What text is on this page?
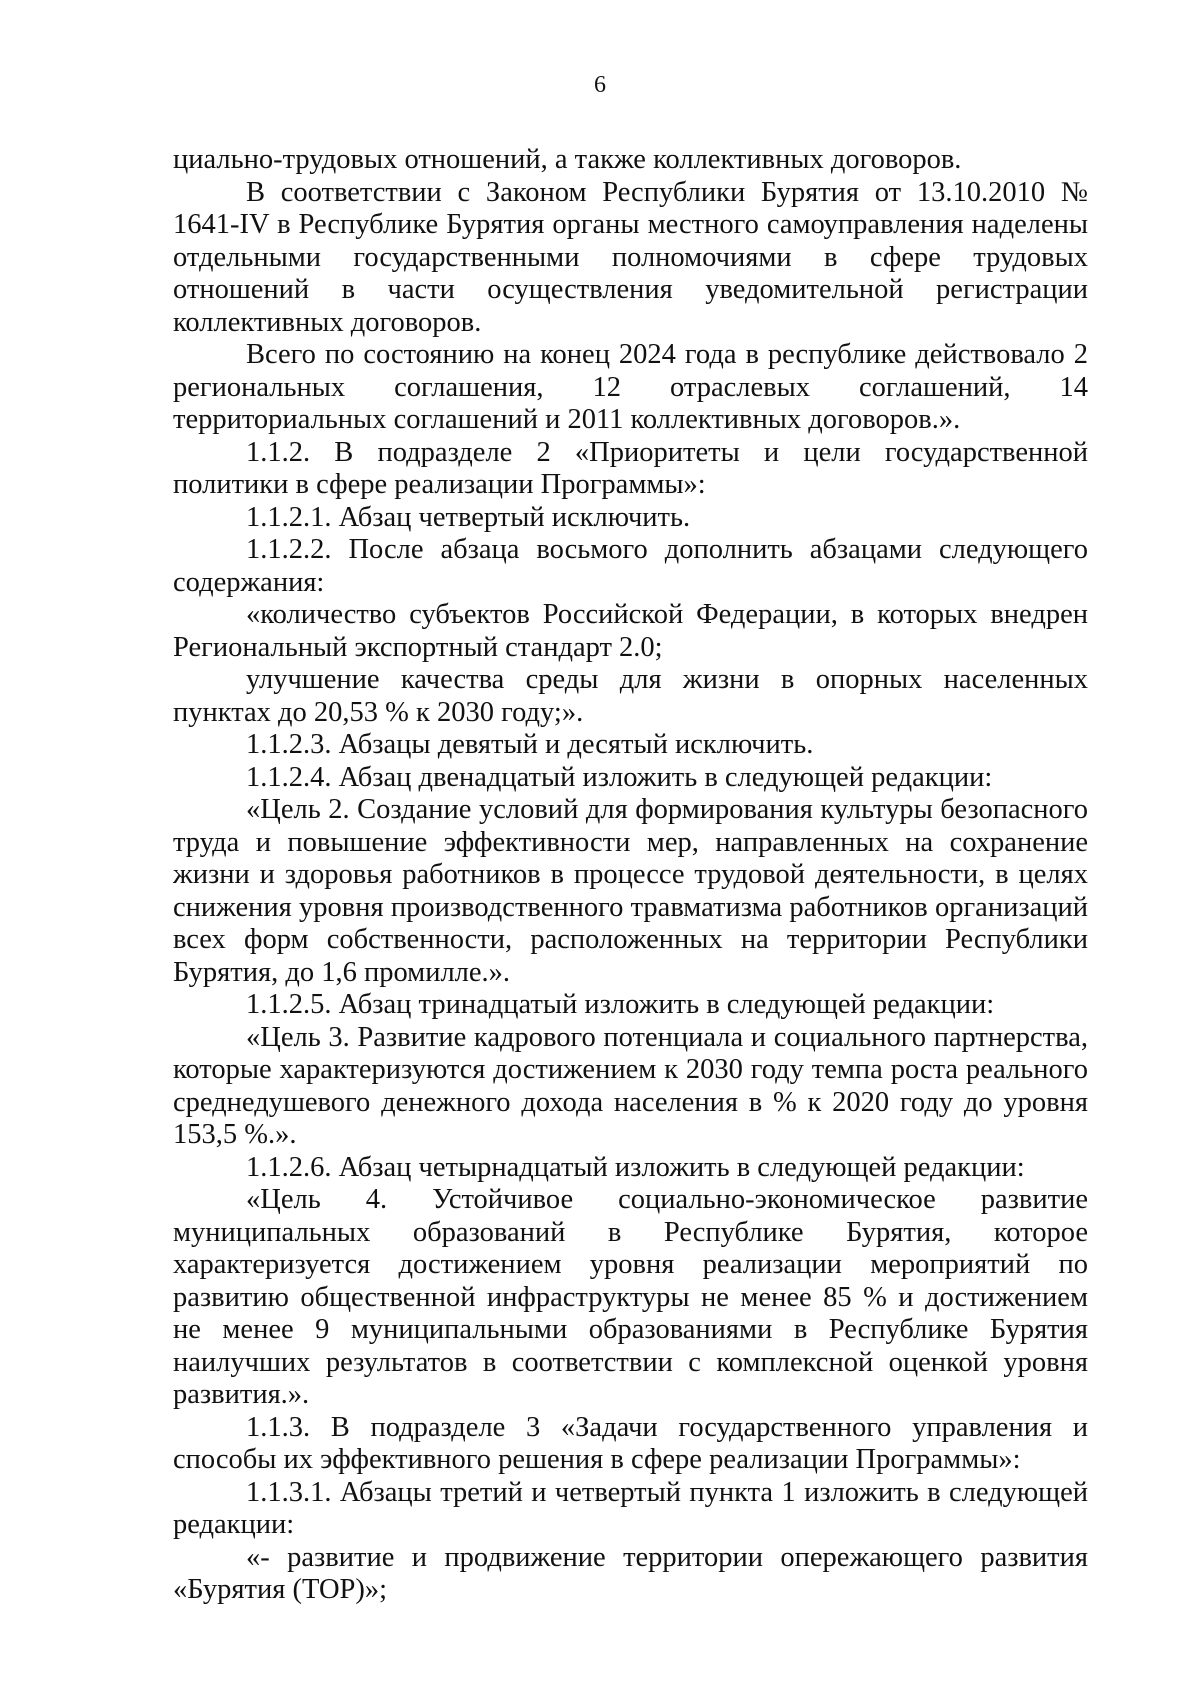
6

циально-трудовых отношений, а также коллективных договоров.

В соответствии с Законом Республики Бурятия от 13.10.2010 № 1641-IV в Республике Бурятия органы местного самоуправления наделены отдельными государственными полномочиями в сфере трудовых отношений в части осуществления уведомительной регистрации коллективных договоров.

Всего по состоянию на конец 2024 года в республике действовало 2 региональных соглашения, 12 отраслевых соглашений, 14 территориальных соглашений и 2011 коллективных договоров.».

1.1.2. В подразделе 2 «Приоритеты и цели государственной политики в сфере реализации Программы»:

1.1.2.1. Абзац четвертый исключить.

1.1.2.2. После абзаца восьмого дополнить абзацами следующего содержания:

«количество субъектов Российской Федерации, в которых внедрен Региональный экспортный стандарт 2.0;

улучшение качества среды для жизни в опорных населенных пунктах до 20,53 % к 2030 году;».

1.1.2.3. Абзацы девятый и десятый исключить.

1.1.2.4. Абзац двенадцатый изложить в следующей редакции:

«Цель 2. Создание условий для формирования культуры безопасного труда и повышение эффективности мер, направленных на сохранение жизни и здоровья работников в процессе трудовой деятельности, в целях снижения уровня производственного травматизма работников организаций всех форм собственности, расположенных на территории Республики Бурятия, до 1,6 промилле.».

1.1.2.5. Абзац тринадцатый изложить в следующей редакции:

«Цель 3. Развитие кадрового потенциала и социального партнерства, которые характеризуются достижением к 2030 году темпа роста реального среднедушевого денежного дохода населения в % к 2020 году до уровня 153,5 %.».

1.1.2.6. Абзац четырнадцатый изложить в следующей редакции:

«Цель 4. Устойчивое социально-экономическое развитие муниципальных образований в Республике Бурятия, которое характеризуется достижением уровня реализации мероприятий по развитию общественной инфраструктуры не менее 85 % и достижением не менее 9 муниципальными образованиями в Республике Бурятия наилучших результатов в соответствии с комплексной оценкой уровня развития.».

1.1.3. В подразделе 3 «Задачи государственного управления и способы их эффективного решения в сфере реализации Программы»:

1.1.3.1. Абзацы третий и четвертый пункта 1 изложить в следующей редакции:

«- развитие и продвижение территории опережающего развития «Бурятия (ТОР)»;
